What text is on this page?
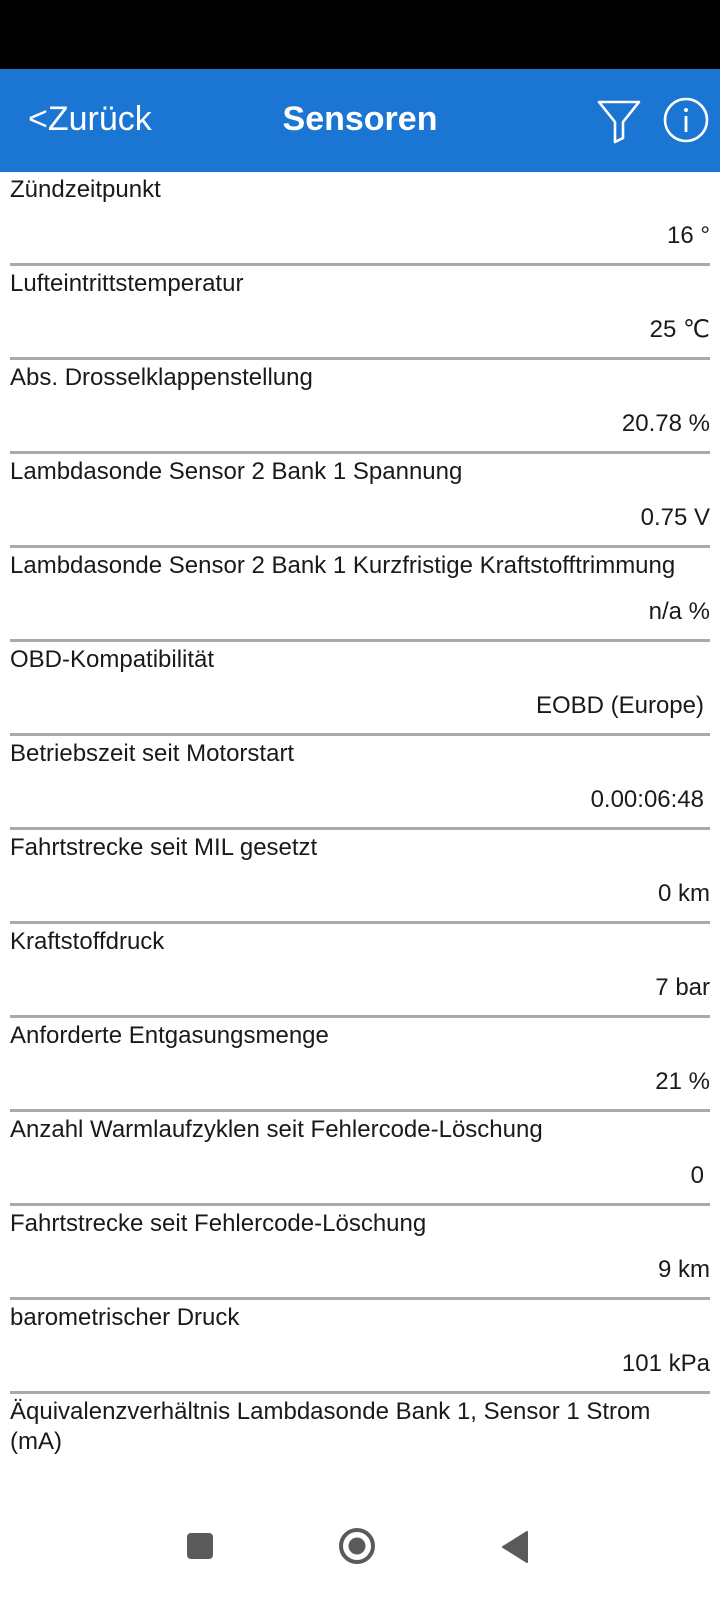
<Zurück	Sensoren
Zündzeitpunkt
16 °
Lufteintrittstemperatur
25 ℃
Abs. Drosselklappenstellung
20.78 %
Lambdasonde Sensor 2 Bank 1 Spannung
0.75 V
Lambdasonde Sensor 2 Bank 1 Kurzfristige Kraftstofftrimmung
n/a %
OBD-Kompatibilität
EOBD (Europe)
Betriebszeit seit Motorstart
0.00:06:48
Fahrtstrecke seit MIL gesetzt
0 km
Kraftstoffdruck
7 bar
Anforderte Entgasungsmenge
21 %
Anzahl Warmlaufzyklen seit Fehlercode-Löschung
0
Fahrtstrecke seit Fehlercode-Löschung
9 km
barometrischer Druck
101 kPa
Äquivalenzverhältnis Lambdasonde Bank 1, Sensor 1 Strom (mA)
